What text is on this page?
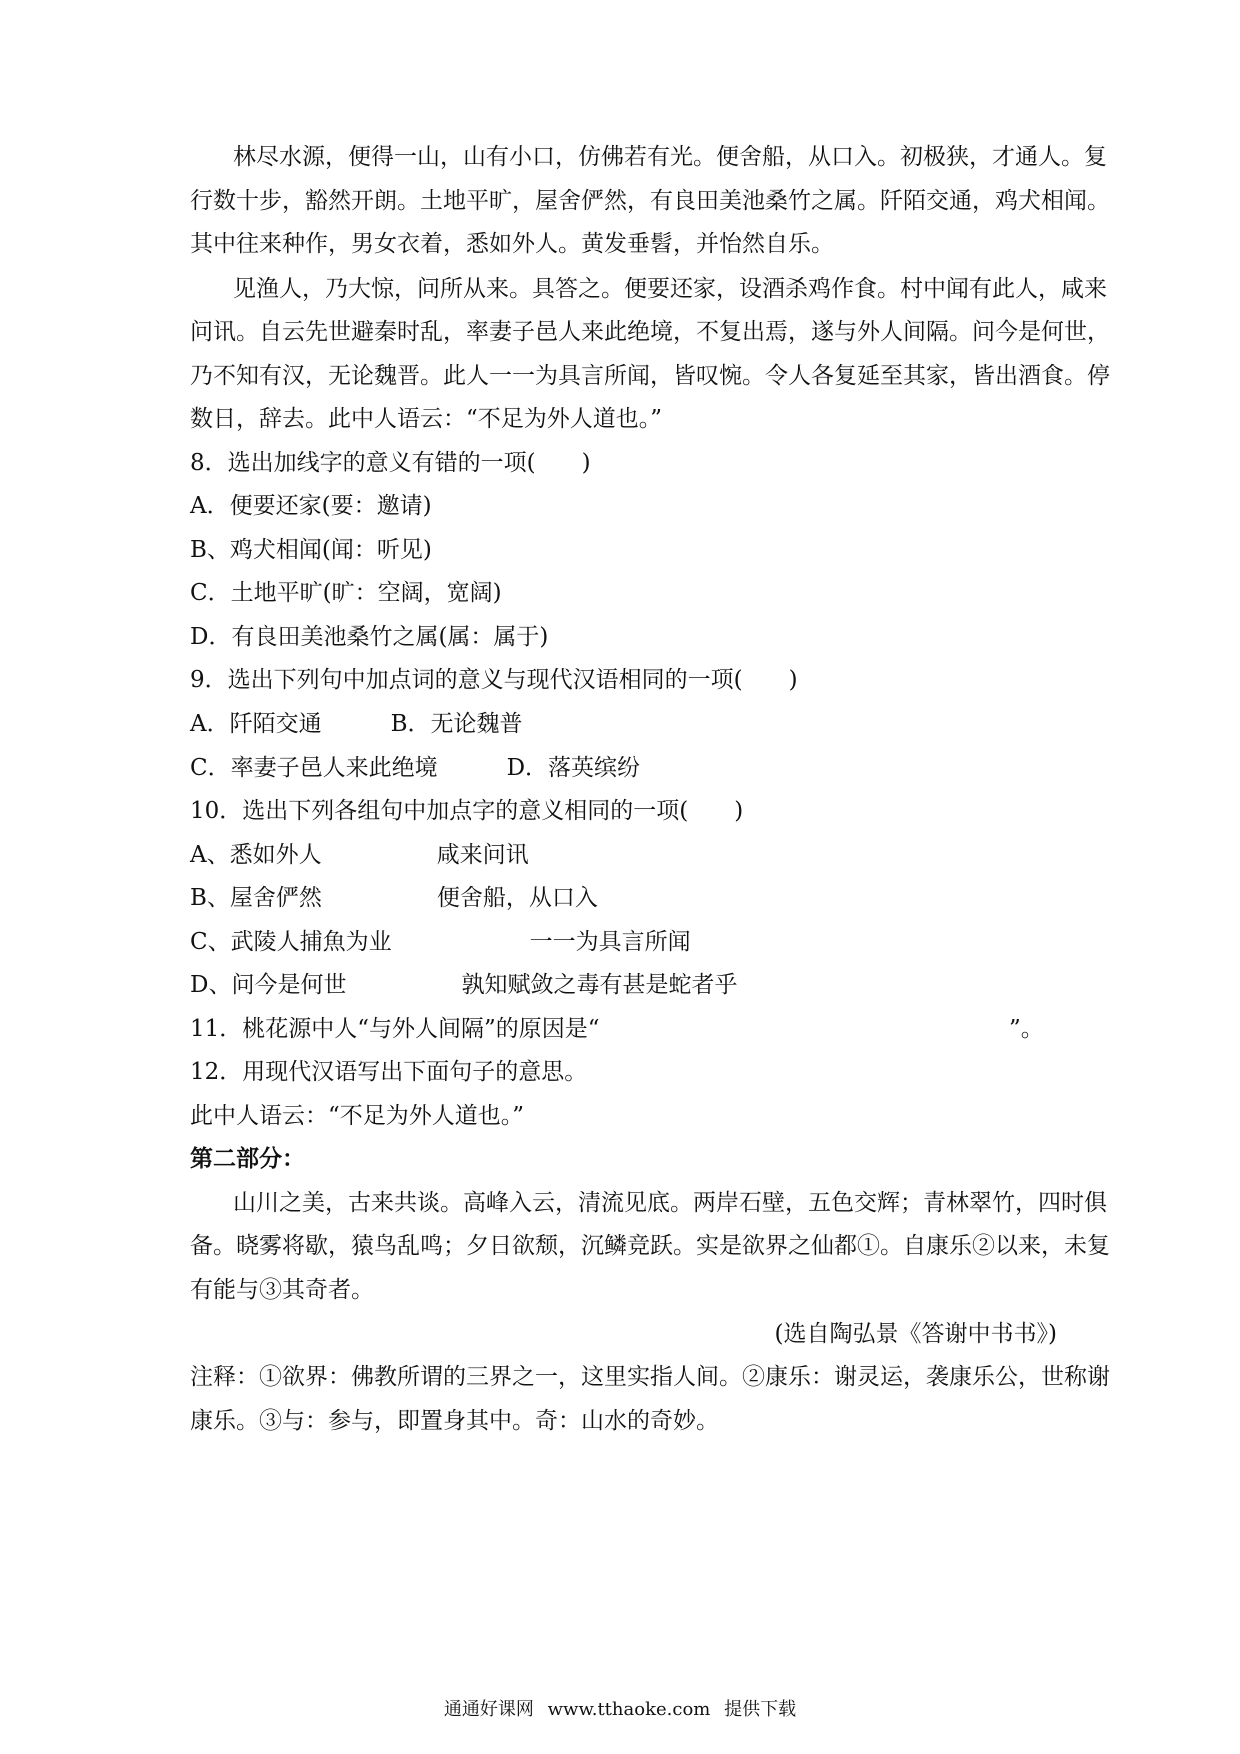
林尽水源，便得一山，山有小口，仿佛若有光。便舍船，从口入。初极狭，才通人。复
行数十步，豁然开朗。土地平旷，屋舍俨然，有良田美池桑竹之属。阡陌交通，鸡犬相闻。
其中往来种作，男女衣着，悉如外人。黄发垂髫，并怡然自乐。
见渔人，乃大惊，问所从来。具答之。便要还家，设酒杀鸡作食。村中闻有此人，咸来
问讯。自云先世避秦时乱，率妻子邑人来此绝境，不复出焉，遂与外人间隔。问今是何世，
乃不知有汉，无论魏晋。此人一一为具言所闻，皆叹惋。令人各复延至其家，皆出酒食。停
数日，辞去。此中人语云：“不足为外人道也。”
8．选出加线字的意义有错的一项(　　)
A．便要还家(要：邀请)
B、鸡犬相闻(闻：听见)
C．土地平旷(旷：空阔，宽阔)
D．有良田美池桑竹之属(属：属于)
9．选出下列句中加点词的意义与现代汉语相同的一项(　　)
A．阡陌交通　　　B．无论魏普
C．率妻子邑人来此绝境　　　D．落英缤纷
10．选出下列各组句中加点字的意义相同的一项(　　)
A、悉如外人　　　　　咸来问讯
B、屋舍俨然　　　　　便舍船，从口入
C、武陵人捕魚为业　　　　　　一一为具言所闻
D、问今是何世　　　　　孰知赋敛之毒有甚是蛇者乎
11．桃花源中人“与外人间隔”的原因是“                                                        ”。
12．用现代汉语写出下面句子的意思。
此中人语云：“不足为外人道也。”
第二部分：
山川之美，古来共谈。高峰入云，清流见底。两岸石壁，五色交辉；青林翠竹，四时俱
备。晓雾将歇，猿鸟乱鸣；夕日欲颓，沉鳞竞跃。实是欲界之仙都①。自康乐②以来，未复
有能与③其奇者。
(选自陶弘景《答谢中书书》)
注释：①欲界：佛教所谓的三界之一，这里实指人间。②康乐：谢灵运，袭康乐公，世称谢
康乐。③与：参与，即置身其中。奇：山水的奇妙。
通通好课网 www.tthaoke.com 提供下载
